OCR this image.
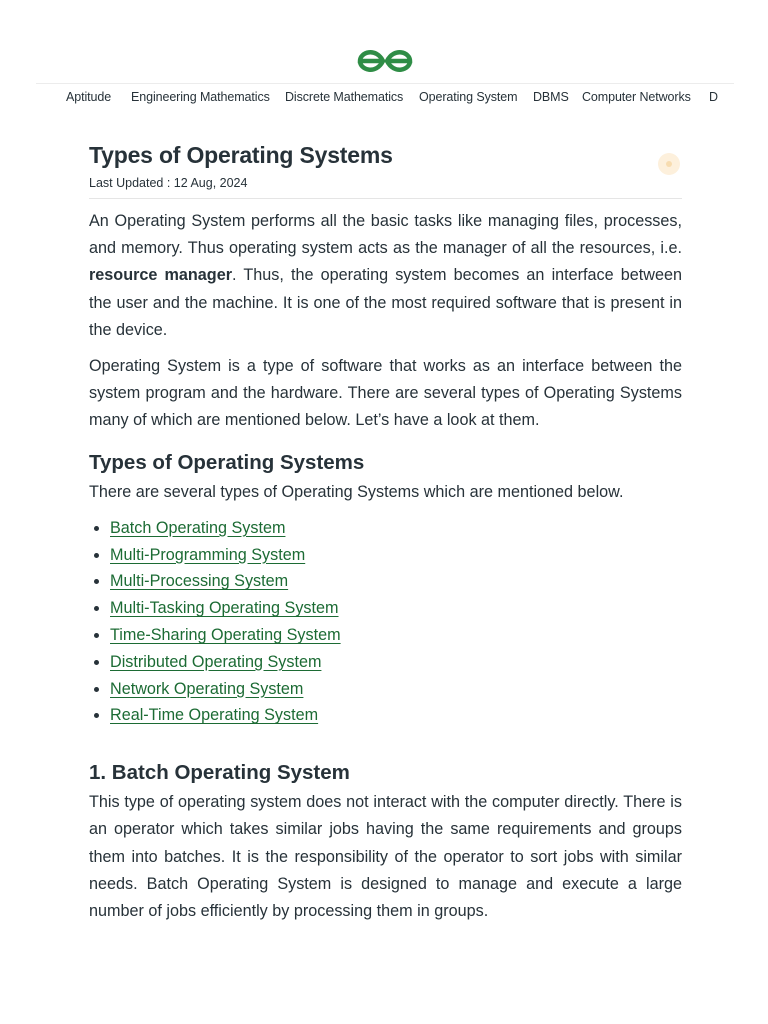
Aptitude Engineering Mathematics Discrete Mathematics Operating System DBMS Computer Networks D
Types of Operating Systems
Last Updated : 12 Aug, 2024

An Operating System performs all the basic tasks like managing files, processes, and memory. Thus operating system acts as the manager of all the resources, i.e. resource manager. Thus, the operating system becomes an interface between the user and the machine. It is one of the most required software that is present in the device.

Operating System is a type of software that works as an interface between the system program and the hardware. There are several types of Operating Systems many of which are mentioned below. Let’s have a look at them.

Types of Operating Systems

There are several types of Operating Systems which are mentioned below.

• Batch Operating System
• Multi-Programming System
• Multi-Processing System
• Multi-Tasking Operating System
• Time-Sharing Operating System
• Distributed Operating System
• Network Operating System
• Real-Time Operating System
1. Batch Operating System

This type of operating system does not interact with the computer directly. There is an operator which takes similar jobs having the same requirements and groups them into batches. It is the responsibility of the operator to sort jobs with similar needs. Batch Operating System is designed to manage and execute a large number of jobs efficiently by processing them in groups.
